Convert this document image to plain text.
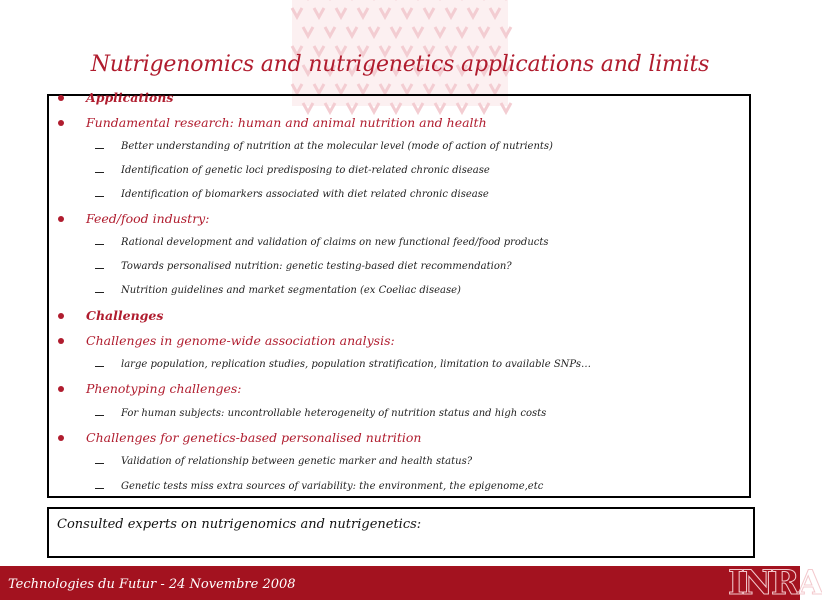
Nutrigenomics and nutrigenetics applications and limits
Applications
Fundamental research: human and animal nutrition and health
Better understanding of nutrition at the molecular level (mode of action of nutrients)
Identification of genetic loci predisposing to diet-related chronic disease
Identification of biomarkers associated with diet related chronic disease
Feed/food industry:
Rational development and validation of claims on new functional feed/food products
Towards personalised nutrition: genetic testing-based diet recommendation?
Nutrition guidelines and market segmentation (ex Coeliac disease)
Challenges
Challenges in genome-wide association analysis:
large population, replication studies, population stratification, limitation to available SNPs…
Phenotyping challenges:
For human subjects: uncontrollable heterogeneity of nutrition status and high costs
Challenges for genetics-based personalised nutrition
Validation of relationship between genetic marker and health status?
Genetic tests miss extra sources of variability: the environment, the epigenome,etc
Consulted experts on nutrigenomics and nutrigenetics:
Technologies du Futur - 24 Novembre 2008	INRA
